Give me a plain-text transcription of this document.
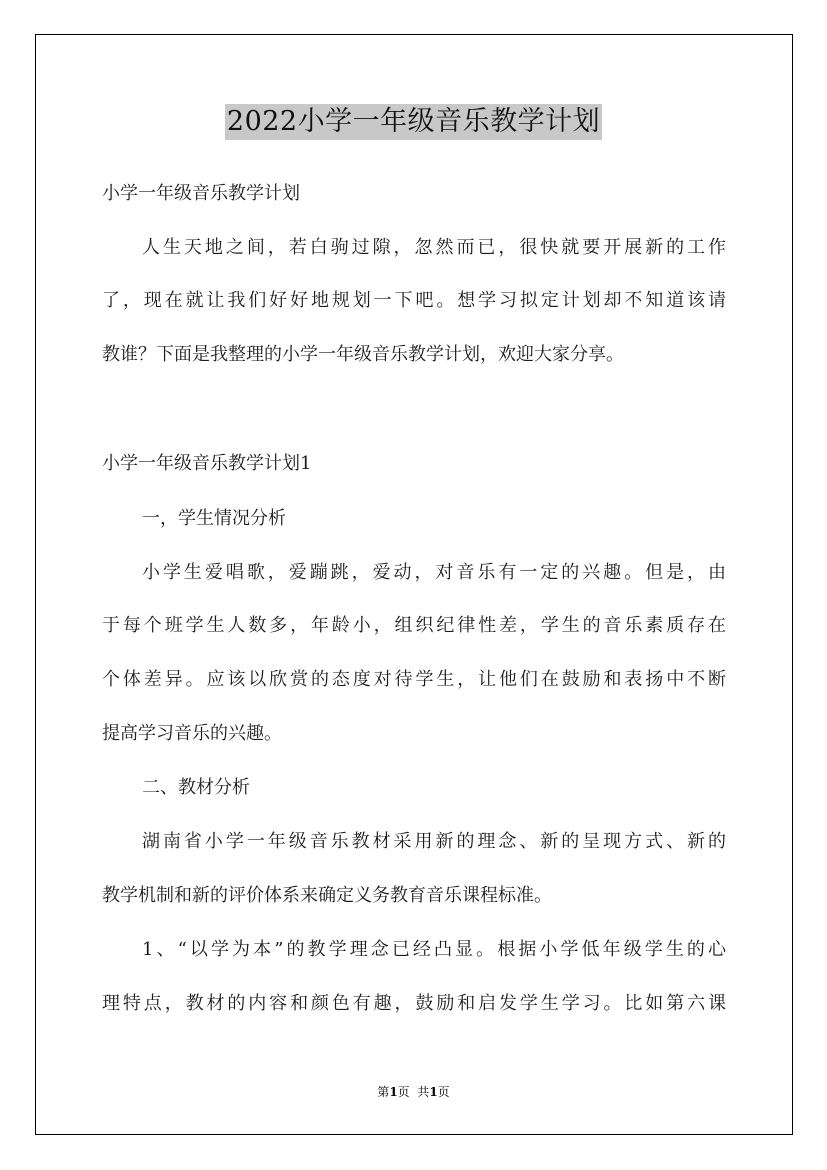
2022小学一年级音乐教学计划
小学一年级音乐教学计划
人生天地之间，若白驹过隙，忽然而已，很快就要开展新的工作
了，现在就让我们好好地规划一下吧。想学习拟定计划却不知道该请
教谁？下面是我整理的小学一年级音乐教学计划，欢迎大家分享。
小学一年级音乐教学计划1
一，学生情况分析
小学生爱唱歌，爱蹦跳，爱动，对音乐有一定的兴趣。但是，由
于每个班学生人数多，年龄小，组织纪律性差，学生的音乐素质存在
个体差异。应该以欣赏的态度对待学生，让他们在鼓励和表扬中不断
提高学习音乐的兴趣。
二、教材分析
湖南省小学一年级音乐教材采用新的理念、新的呈现方式、新的
教学机制和新的评价体系来确定义务教育音乐课程标准。
1、“以学为本”的教学理念已经凸显。根据小学低年级学生的心
理特点，教材的内容和颜色有趣，鼓励和启发学生学习。比如第六课
第1页  共1页
